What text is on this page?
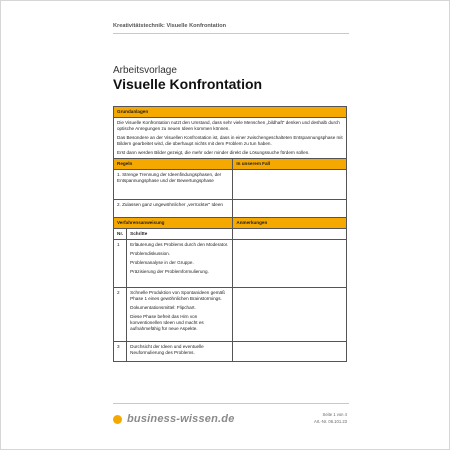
Kreativitätstechnik: Visuelle Konfrontation
Arbeitsvorlage
Visuelle Konfrontation
Grundanlagen		

Die Visuelle Konfrontation nutzt den Umstand, dass sehr viele Menschen „bildhaft“ denken und deshalb durch optische Anregungen zu neuen Ideen kommen können.

Das Besondere an der Visuellen Konfrontation ist, dass in einer zwischengeschalteten Entspannungsphase mit Bildern gearbeitet wird, die überhaupt nichts mit dem Problem zu tun haben.

Erst dann werden Bilder gezeigt, die mehr oder minder direkt die Lösungssuche fördern sollen.		

Regeln		In unserem Fall
1. Strenge Trennung der Ideenfindungsphasen, der Entspannungsphase und der Bewertungsphase		
2. Zulassen ganz ungewöhnlicher „verrückter“ Ideen		
Verfahrensanweisung		Anmerkungen
Nr.	Schritte	
1	Erläuterung des Problems durch den Moderator.

Problemdiskussion.

Problemanalyse in der Gruppe.

Präzisierung der Problemformulierung.	

2	Schnelle Produktion von Spontanideen gemäß Phase 1 eines gewöhnlichen Brainstormings.

Dokumentationsmittel: Flipchart.

Diese Phase befreit das Hirn von konventionellen Ideen und macht es aufnahmefähig für neue Aspekte.	

3	Durchsicht der Ideen und eventuelle Neuformulierung des Problems.	

business-wissen.de	Seite 1 von 4
Art.-Nr. 06.101.23
